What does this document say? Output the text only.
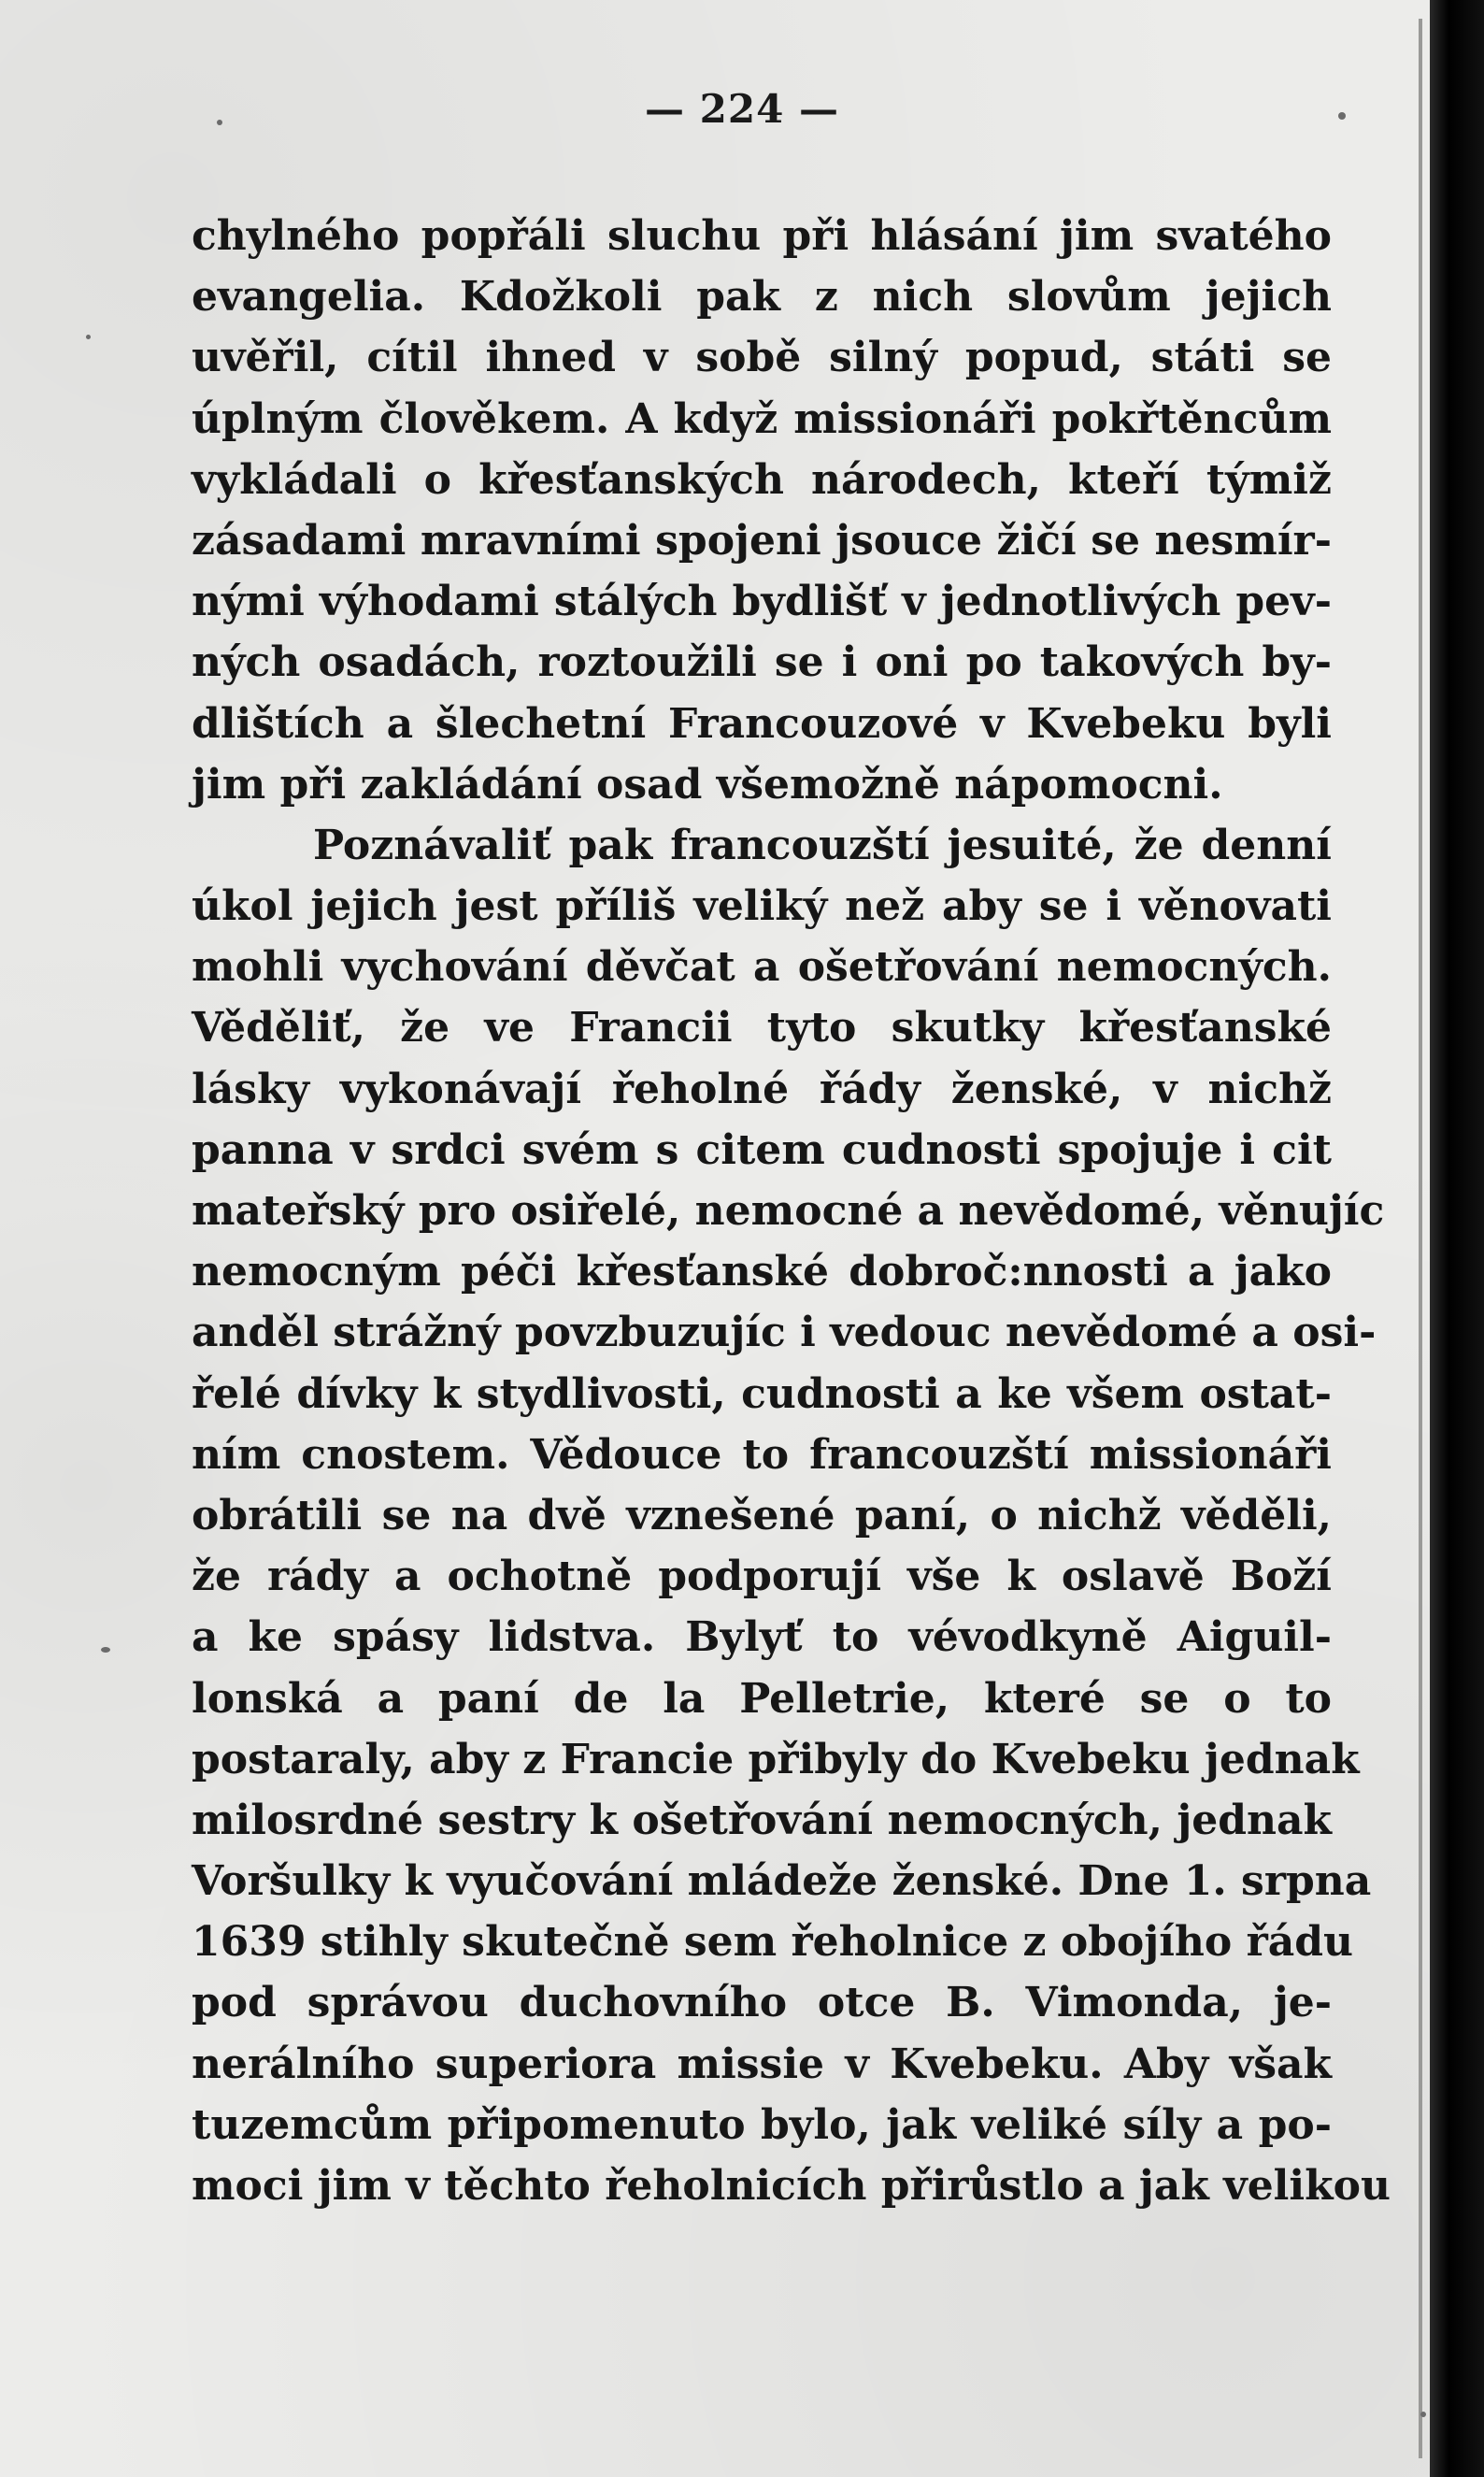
— 224 —
chylného popřáli sluchu při hlásání jim svatého
evangelia. Kdožkoli pak z nich slovům jejich
uvěřil, cítil ihned v sobě silný popud, státi se
úplným člověkem. A když missionáři pokřtěncům
vykládali o křesťanských národech, kteří týmiž
zásadami mravními spojeni jsouce žičí se nesmír-
nými výhodami stálých bydlišť v jednotlivých pev-
ných osadách, roztoužili se i oni po takových by-
dlištích a šlechetní Francouzové v Kvebeku byli
jim při zakládání osad všemožně nápomocni.
Poznávaliť pak francouzští jesuité, že denní
úkol jejich jest příliš veliký než aby se i věnovati
mohli vychování děvčat a ošetřování nemocných.
Věděliť, že ve Francii tyto skutky křesťanské
lásky vykonávají řeholné řády ženské, v nichž
panna v srdci svém s citem cudnosti spojuje i cit
mateřský pro osiřelé, nemocné a nevědomé, věnujíc
nemocným péči křesťanské dobroč:nnosti a jako
anděl strážný povzbuzujíc i vedouc nevědomé a osi-
řelé dívky k stydlivosti, cudnosti a ke všem ostat-
ním cnostem. Vědouce to francouzští missionáři
obrátili se na dvě vznešené paní, o nichž věděli,
že rády a ochotně podporují vše k oslavě Boží
a ke spásy lidstva. Bylyť to vévodkyně Aiguil-
lonská a paní de la Pelletrie, které se o to
postaraly, aby z Francie přibyly do Kvebeku jednak
milosrdné sestry k ošetřování nemocných, jednak
Voršulky k vyučování mládeže ženské. Dne 1. srpna
1639 stihly skutečně sem řeholnice z obojího řádu
pod správou duchovního otce B. Vimonda, je-
nerálního superiora missie v Kvebeku. Aby však
tuzemcům připomenuto bylo, jak veliké síly a po-
moci jim v těchto řeholnicích přirůstlo a jak velikou
